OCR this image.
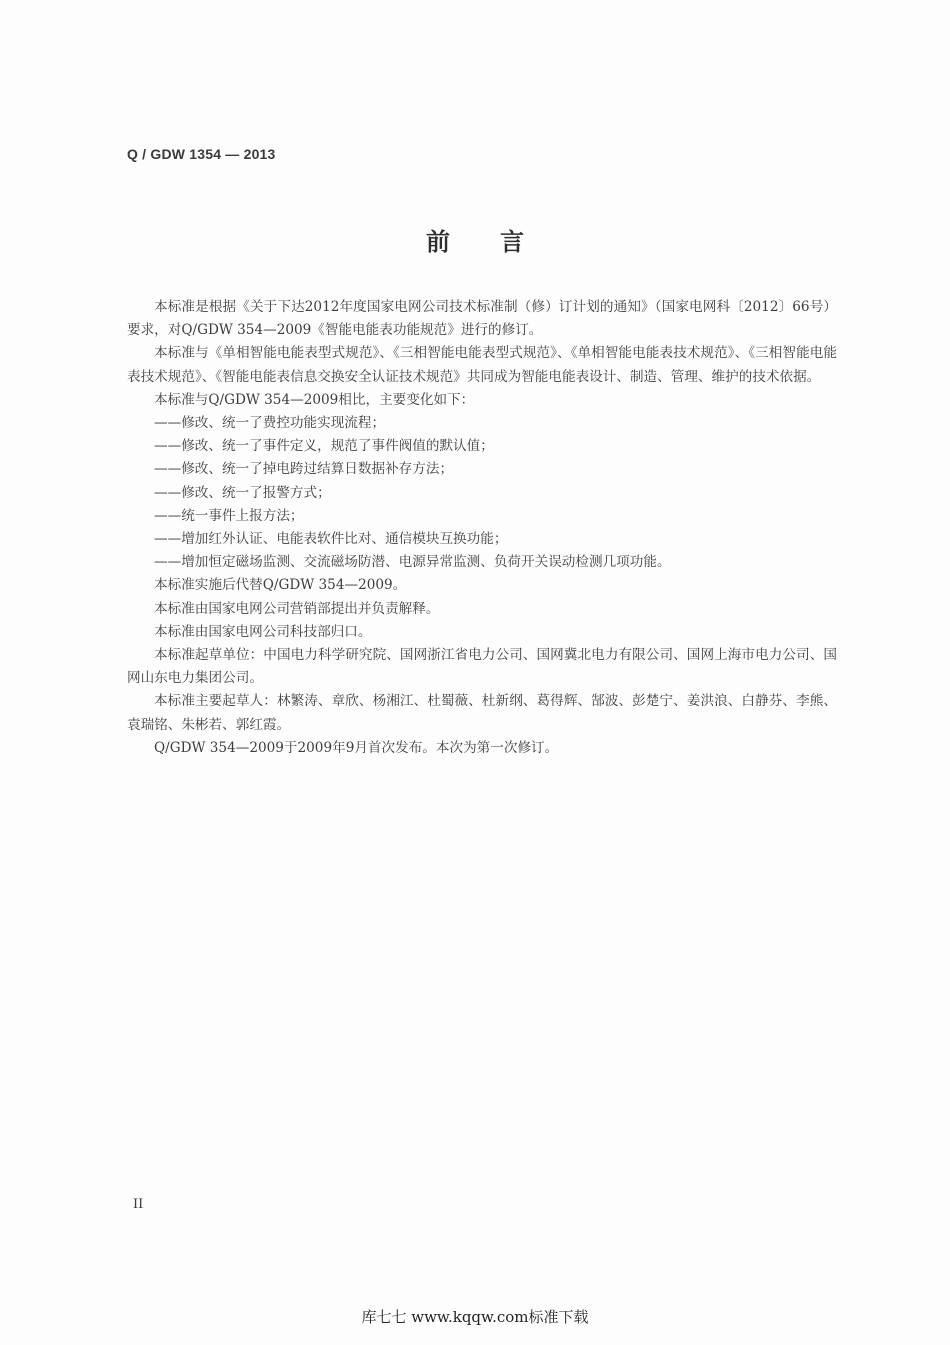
Q / GDW 1354 — 2013
前言

本标准是根据《关于下达2012年度国家电网公司技术标准制（修）订计划的通知》（国家电网科〔2012〕66号）要求，对Q/GDW 354—2009《智能电能表功能规范》进行的修订。

本标准与《单相智能电能表型式规范》、《三相智能电能表型式规范》、《单相智能电能表技术规范》、《三相智能电能表技术规范》、《智能电能表信息交换安全认证技术规范》共同成为智能电能表设计、制造、管理、维护的技术依据。

本标准与Q/GDW 354—2009相比，主要变化如下：

——修改、统一了费控功能实现流程；
——修改、统一了事件定义，规范了事件阀值的默认值；
——修改、统一了掉电跨过结算日数据补存方法；
——修改、统一了报警方式；
——统一事件上报方法；
——增加红外认证、电能表软件比对、通信模块互换功能；
——增加恒定磁场监测、交流磁场防潜、电源异常监测、负荷开关误动检测几项功能。

本标准实施后代替Q/GDW 354—2009。

本标准由国家电网公司营销部提出并负责解释。

本标准由国家电网公司科技部归口。

本标准起草单位：中国电力科学研究院、国网浙江省电力公司、国网冀北电力有限公司、国网上海市电力公司、国网山东电力集团公司。

本标准主要起草人：林繁涛、章欣、杨湘江、杜蜀薇、杜新纲、葛得辉、郜波、彭楚宁、姜洪浪、白静芬、李熊、袁瑞铭、朱彬若、郭红霞。

Q/GDW 354—2009于2009年9月首次发布。本次为第一次修订。

II
库七七 www.kqqw.com标准下载
